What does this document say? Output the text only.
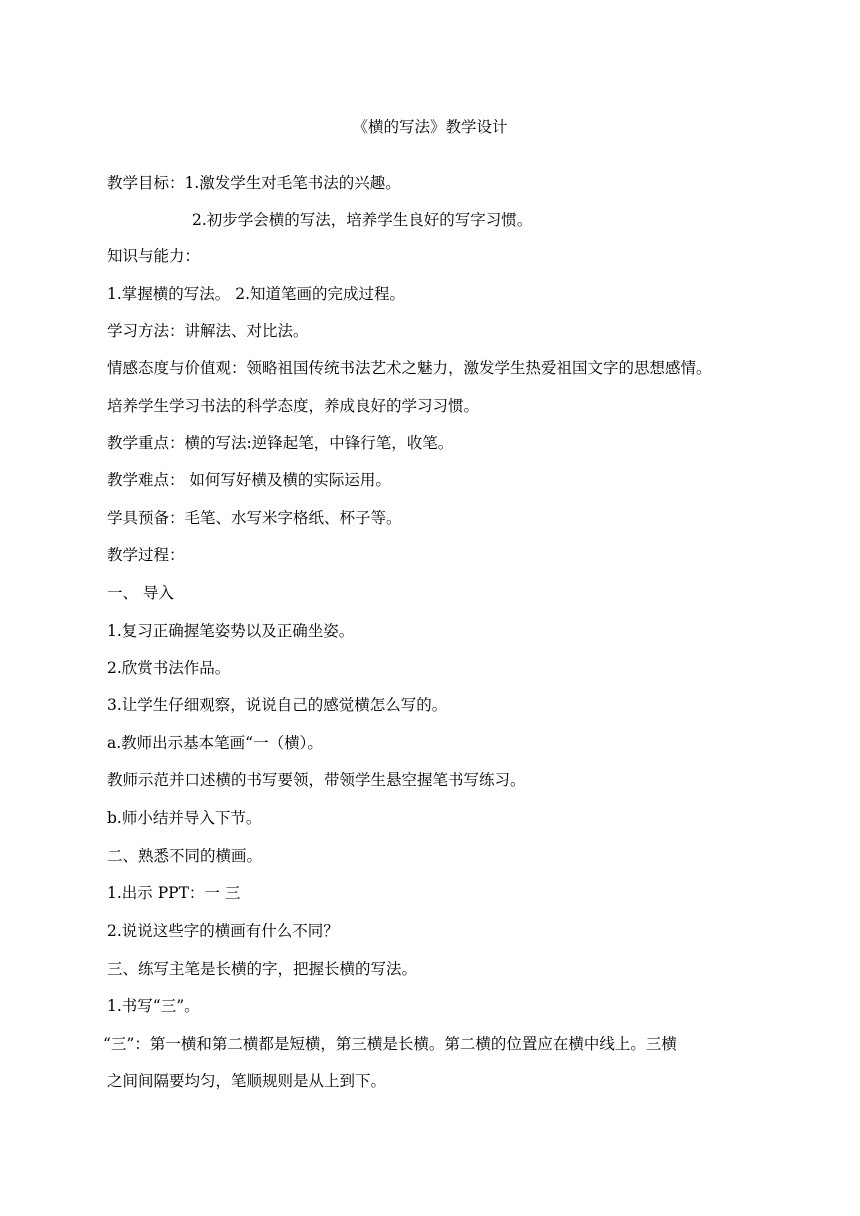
《横的写法》教学设计
教学目标：1.激发学生对毛笔书法的兴趣。
2.初步学会横的写法，培养学生良好的写字习惯。
知识与能力：
1.掌握横的写法。 2.知道笔画的完成过程。
学习方法：讲解法、对比法。
情感态度与价值观：领略祖国传统书法艺术之魅力，激发学生热爱祖国文字的思想感情。
培养学生学习书法的科学态度，养成良好的学习习惯。
教学重点：横的写法:逆锋起笔，中锋行笔，收笔。
教学难点： 如何写好横及横的实际运用。
学具预备：毛笔、水写米字格纸、杯子等。
教学过程：
一、 导入
1.复习正确握笔姿势以及正确坐姿。
2.欣赏书法作品。
3.让学生仔细观察，说说自己的感觉横怎么写的。
a.教师出示基本笔画“一（横）。
教师示范并口述横的书写要领，带领学生悬空握笔书写练习。
b.师小结并导入下节。
二、熟悉不同的横画。
1.出示 PPT：一 三
2.说说这些字的横画有什么不同？
三、练写主笔是长横的字，把握长横的写法。
1.书写“三”。
“三”：第一横和第二横都是短横，第三横是长横。第二横的位置应在横中线上。三横
之间间隔要均匀，笔顺规则是从上到下。
